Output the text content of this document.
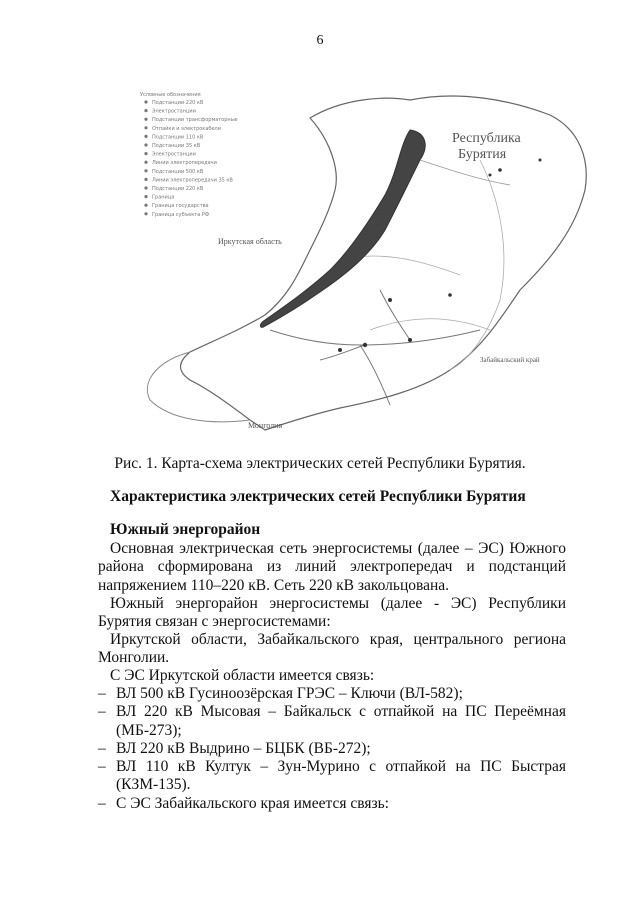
6
Условные обозначения
Подстанции 220 кВ
Электростанции
Подстанции трансформаторные
Отпайки и электрокабели
Подстанции 110 кВ
Подстанции 35 кВ
Электростанции
Линии электропередачи
Подстанции 500 кВ
Линии электропередачи 35 кВ
Подстанции 220 кВ
Граница
Граница государства
Граница субъекта РФ
Республика
Бурятия
Иркутская область
Забайкальский край
Монголия
Рис. 1. Карта-схема электрических сетей Республики Бурятия.
Характеристика электрических сетей Республики Бурятия
Южный энергорайон
Основная электрическая сеть энергосистемы (далее – ЭС) Южного района сформирована из линий электропередач и подстанций напряжением 110–220 кВ. Сеть 220 кВ закольцована.
Южный энергорайон энергосистемы (далее - ЭС) Республики Бурятия связан с энергосистемами:
Иркутской области, Забайкальского края, центрального региона Монголии.
С ЭС Иркутской области имеется связь:
– ВЛ 500 кВ Гусиноозёрская ГРЭС – Ключи (ВЛ-582);
– ВЛ 220 кВ Мысовая – Байкальск с отпайкой на ПС Перeёмная (МБ-273);
– ВЛ 220 кВ Выдрино – БЦБК (ВБ-272);
– ВЛ 110 кВ Култук – Зун-Мурино с отпайкой на ПС Быстрая (КЗМ-135).
– С ЭС Забайкальского края имеется связь:
